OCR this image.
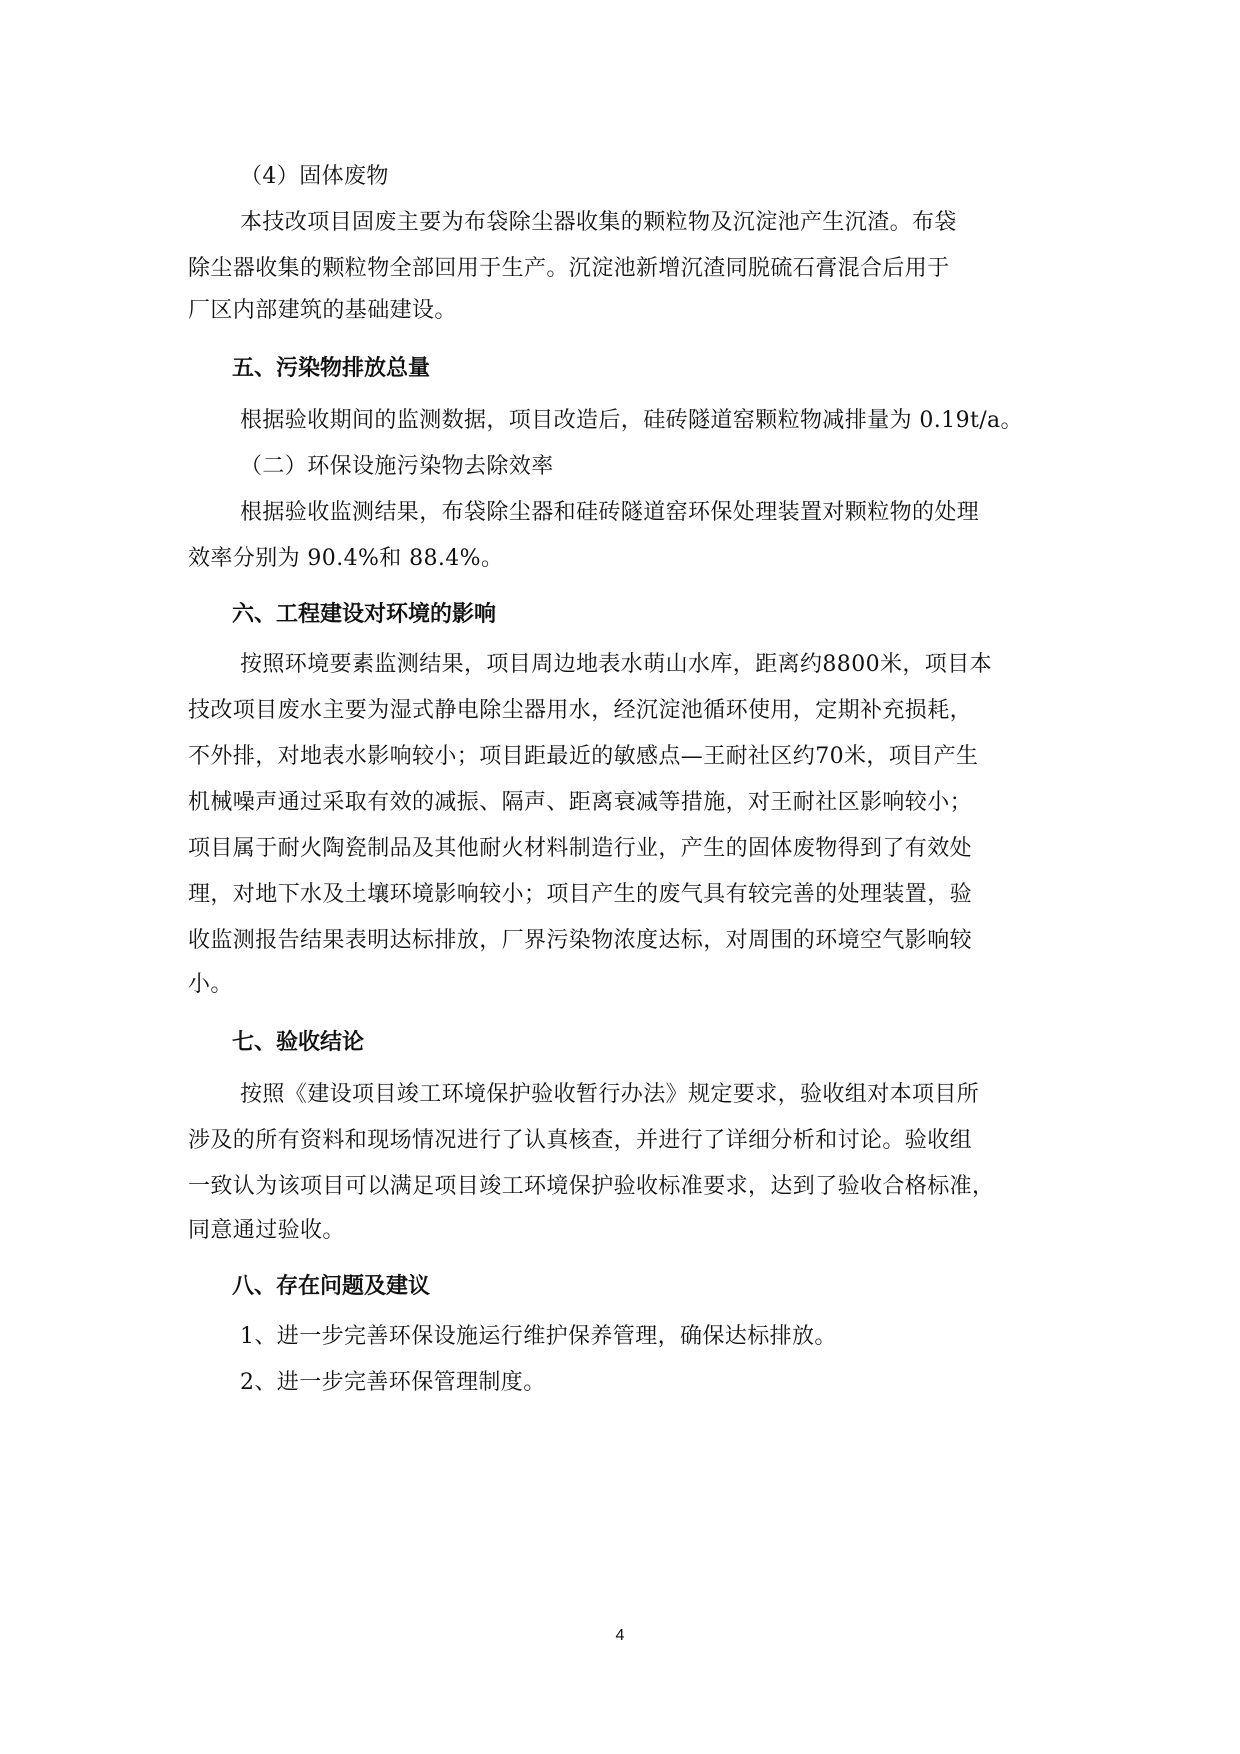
（4）固体废物
本技改项目固废主要为布袋除尘器收集的颗粒物及沉淀池产生沉渣。布袋
除尘器收集的颗粒物全部回用于生产。沉淀池新增沉渣同脱硫石膏混合后用于
厂区内部建筑的基础建设。
五、污染物排放总量
根据验收期间的监测数据，项目改造后，硅砖隧道窑颗粒物减排量为 0.19t/a。
（二）环保设施污染物去除效率
根据验收监测结果，布袋除尘器和硅砖隧道窑环保处理装置对颗粒物的处理
效率分别为 90.4%和 88.4%。
六、工程建设对环境的影响
按照环境要素监测结果，项目周边地表水萌山水库，距离约8800米，项目本
技改项目废水主要为湿式静电除尘器用水，经沉淀池循环使用，定期补充损耗，
不外排，对地表水影响较小；项目距最近的敏感点—王耐社区约70米，项目产生
机械噪声通过采取有效的减振、隔声、距离衰减等措施，对王耐社区影响较小；
项目属于耐火陶瓷制品及其他耐火材料制造行业，产生的固体废物得到了有效处
理，对地下水及土壤环境影响较小；项目产生的废气具有较完善的处理装置，验
收监测报告结果表明达标排放，厂界污染物浓度达标，对周围的环境空气影响较
小。
七、验收结论
按照《建设项目竣工环境保护验收暂行办法》规定要求，验收组对本项目所
涉及的所有资料和现场情况进行了认真核查，并进行了详细分析和讨论。验收组
一致认为该项目可以满足项目竣工环境保护验收标准要求，达到了验收合格标准，
同意通过验收。
八、存在问题及建议
1、进一步完善环保设施运行维护保养管理，确保达标排放。
2、进一步完善环保管理制度。
4
